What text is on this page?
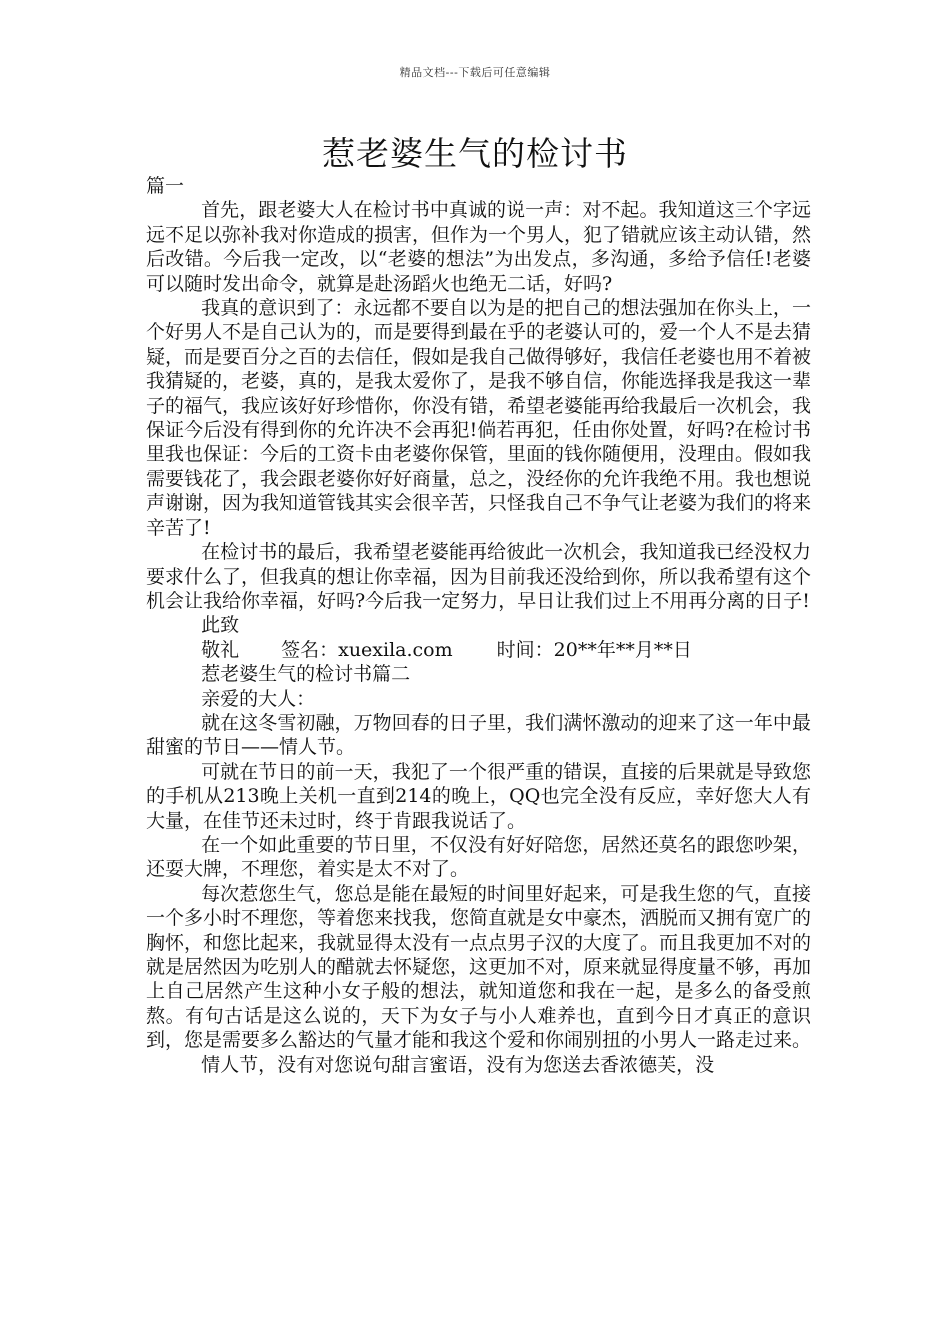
精品文档---下载后可任意编辑
惹老婆生气的检讨书

篇一

首先，跟老婆大人在检讨书中真诚的说一声：对不起。我知道这三个字远远不足以弥补我对你造成的损害，但作为一个男人，犯了错就应该主动认错，然后改错。今后我一定改，以“老婆的想法”为出发点，多沟通，多给予信任!老婆可以随时发出命令，就算是赴汤蹈火也绝无二话，好吗?

我真的意识到了：永远都不要自以为是的把自己的想法强加在你头上，一个好男人不是自己认为的，而是要得到最在乎的老婆认可的，爱一个人不是去猜疑，而是要百分之百的去信任，假如是我自己做得够好，我信任老婆也用不着被我猜疑的，老婆，真的，是我太爱你了，是我不够自信，你能选择我是我这一辈子的福气，我应该好好珍惜你，你没有错，希望老婆能再给我最后一次机会，我保证今后没有得到你的允许决不会再犯!倘若再犯，任由你处置，好吗?在检讨书里我也保证：今后的工资卡由老婆你保管，里面的钱你随便用，没理由。假如我需要钱花了，我会跟老婆你好好商量，总之，没经你的允许我绝不用。我也想说声谢谢，因为我知道管钱其实会很辛苦，只怪我自己不争气让老婆为我们的将来辛苦了!

在检讨书的最后，我希望老婆能再给彼此一次机会，我知道我已经没权力要求什么了，但我真的想让你幸福，因为目前我还没给到你，所以我希望有这个机会让我给你幸福，好吗?今后我一定努力，早日让我们过上不用再分离的日子!

此致

敬礼 签名：xuexila.com 时间：20**年**月**日

惹老婆生气的检讨书篇二

亲爱的大人：

就在这冬雪初融，万物回春的日子里，我们满怀激动的迎来了这一年中最甜蜜的节日——情人节。

可就在节日的前一天，我犯了一个很严重的错误，直接的后果就是导致您的手机从213晚上关机一直到214的晚上，QQ也完全没有反应，幸好您大人有大量，在佳节还未过时，终于肯跟我说话了。

在一个如此重要的节日里，不仅没有好好陪您，居然还莫名的跟您吵架，还耍大牌，不理您，着实是太不对了。

每次惹您生气，您总是能在最短的时间里好起来，可是我生您的气，直接一个多小时不理您，等着您来找我，您简直就是女中豪杰，洒脱而又拥有宽广的胸怀，和您比起来，我就显得太没有一点点男子汉的大度了。而且我更加不对的就是居然因为吃别人的醋就去怀疑您，这更加不对，原来就显得度量不够，再加上自己居然产生这种小女子般的想法，就知道您和我在一起，是多么的备受煎熬。有句古话是这么说的，天下为女子与小人难养也，直到今日才真正的意识到，您是需要多么豁达的气量才能和我这个爱和你闹别扭的小男人一路走过来。

情人节，没有对您说句甜言蜜语，没有为您送去香浓德芙，没
